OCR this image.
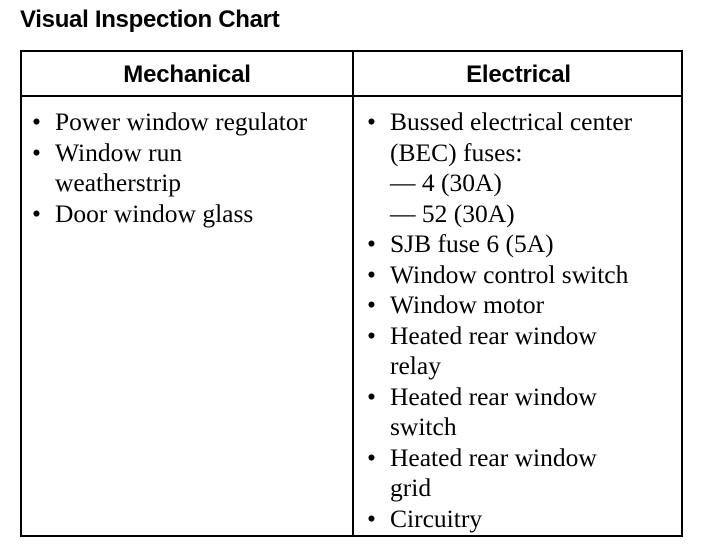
Visual Inspection Chart
Mechanical	Electrical
• Power window regulator
• Window run
weatherstrip
• Door window glass
• Bussed electrical center
(BEC) fuses:
— 4 (30A)
— 52 (30A)
• SJB fuse 6 (5A)
• Window control switch
• Window motor
• Heated rear window
relay
• Heated rear window
switch
• Heated rear window
grid
• Circuitry
